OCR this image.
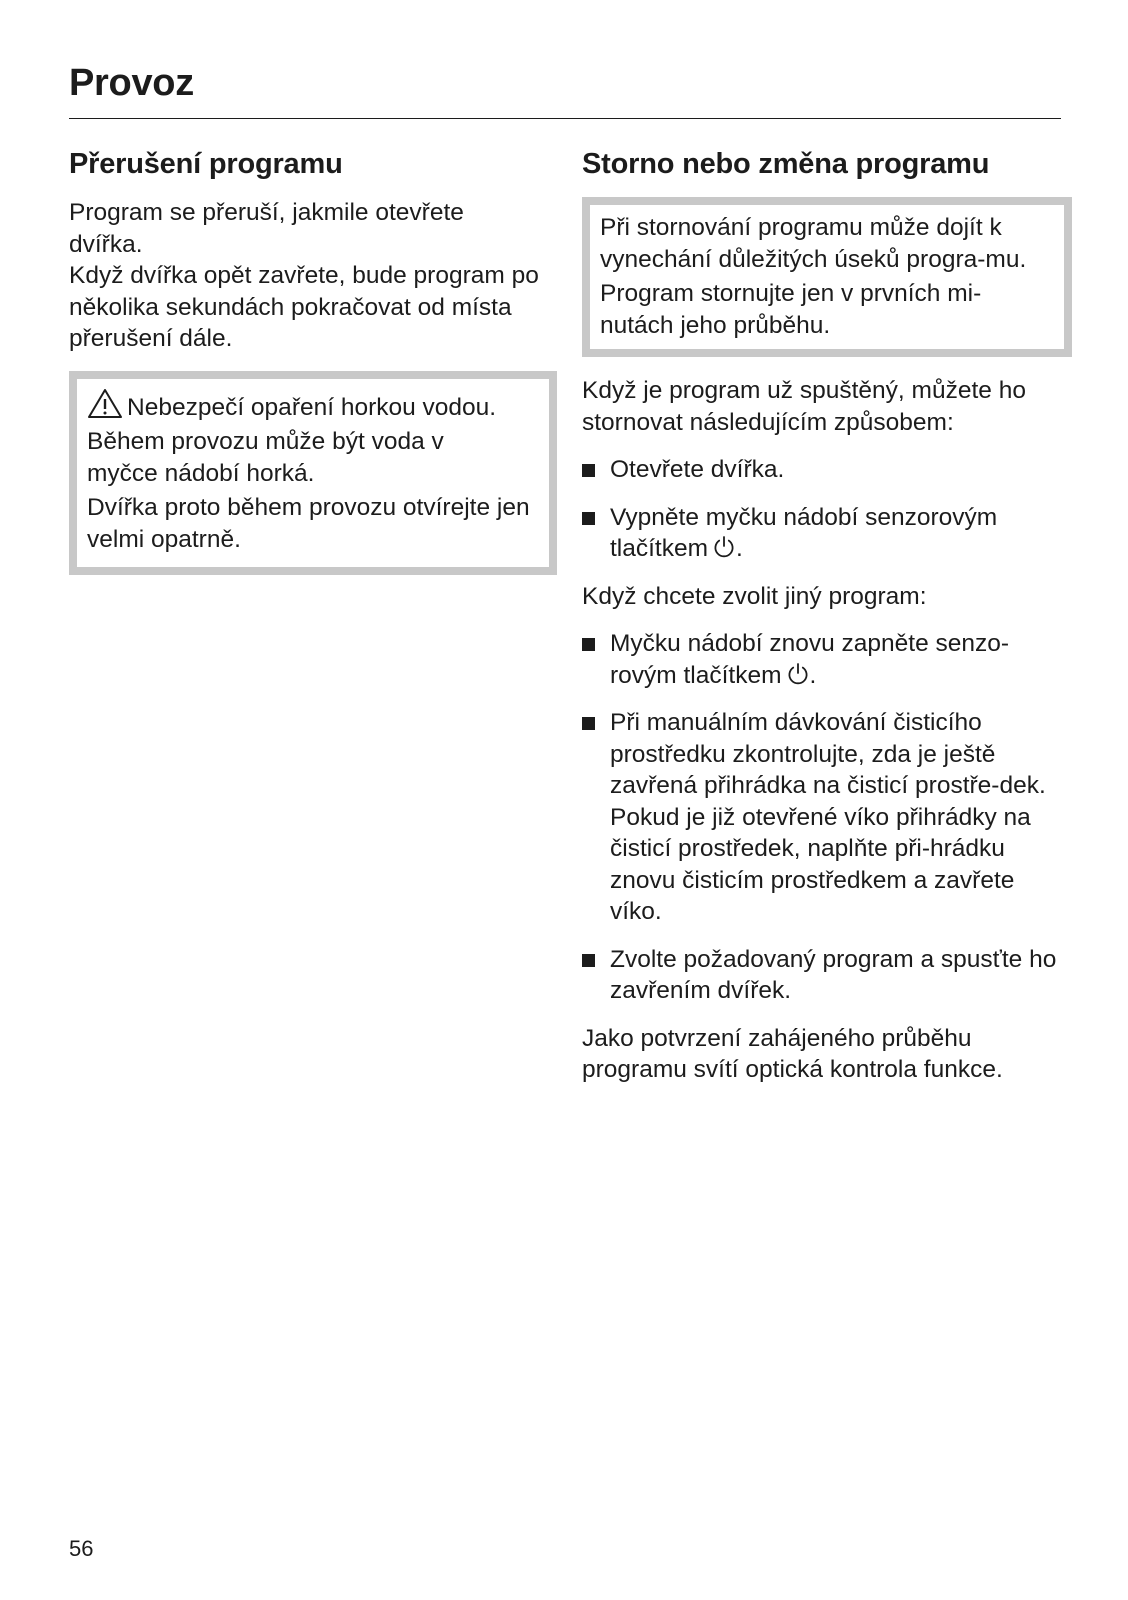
Provoz
Přerušení programu

Program se přeruší, jakmile otevřete dvířka.

Když dvířka opět zavřete, bude program po několika sekundách pokračovat od místa přerušení dále.

Nebezpečí opaření horkou vodou.

Během provozu může být voda v myčce nádobí horká.

Dvířka proto během provozu otvírejte jen velmi opatrně.

Storno nebo změna programu

Při stornování programu může dojít k vynechání důležitých úseků progra-mu.

Program stornujte jen v prvních mi-nutách jeho průběhu.

Když je program už spuštěný, můžete ho stornovat následujícím způsobem:

Otevřete dvířka.
Vypněte myčku nádobí senzorovým tlačítkem .

Když chcete zvolit jiný program:

Myčku nádobí znovu zapněte senzo-rovým tlačítkem .
Při manuálním dávkování čisticího prostředku zkontrolujte, zda je ještě zavřená přihrádka na čisticí prostře-dek.
Pokud je již otevřené víko přihrádky na čisticí prostředek, naplňte při-hrádku znovu čisticím prostředkem a zavřete víko.
Zvolte požadovaný program a spusťte ho zavřením dvířek.

Jako potvrzení zahájeného průběhu programu svítí optická kontrola funkce.

56
